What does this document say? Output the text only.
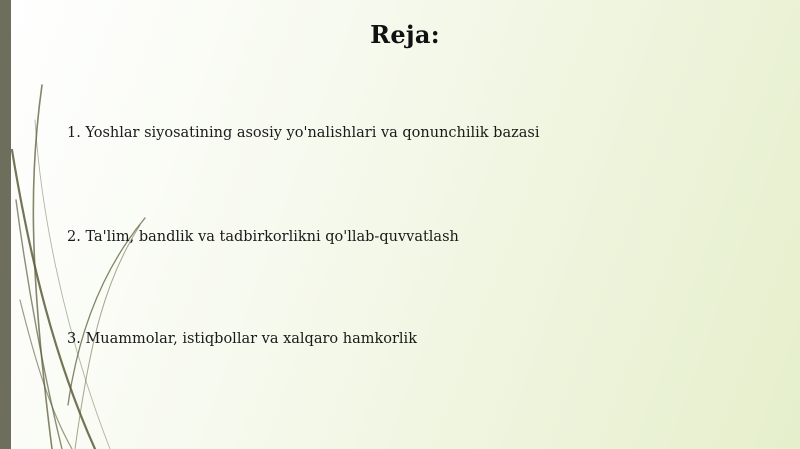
Reja:
1. Yoshlar siyosatining asosiy yo'nalishlari va qonunchilik bazasi
2. Ta'lim, bandlik va tadbirkorlikni qo'llab-quvvatlash
3. Muammolar, istiqbollar va xalqaro hamkorlik
